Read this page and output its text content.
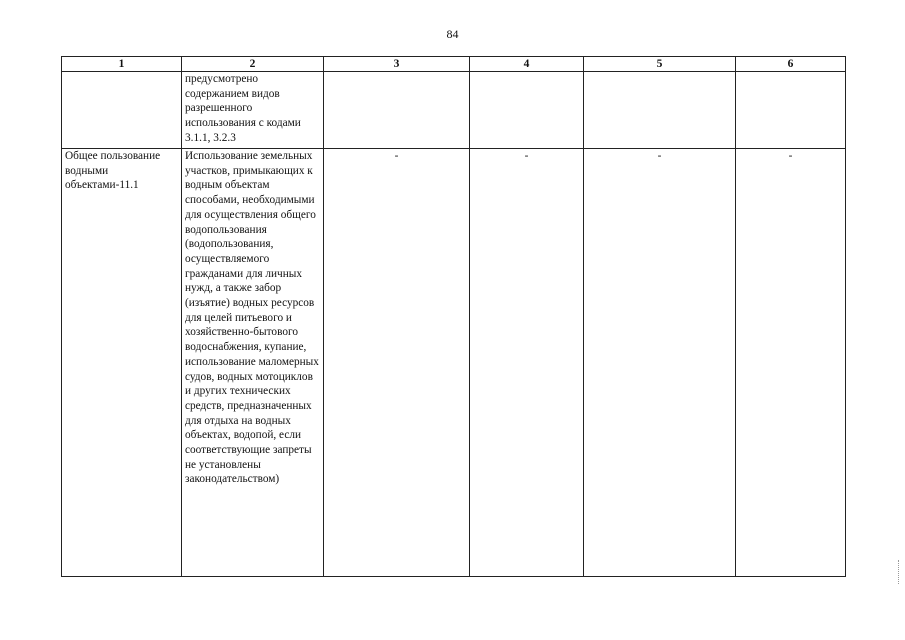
84
1	2	3	4	5	6

	предусмотрено содержанием видов разрешенного использования с кодами 3.1.1, 3.2.3				

Общее пользование водными объектами-11.1	Использование земельных участков, примыкающих к водным объектам способами, необходимыми для осуществления общего водопользования (водопользования, осуществляемого гражданами для личных нужд, а также забор (изъятие) водных ресурсов для целей питьевого и хозяйственно-бытового водоснабжения, купание, использование маломерных судов, водных мотоциклов и других технических средств, предназначенных для отдыха на водных объектах, водопой, если соответствующие запреты не установлены законодательством)	-	-	-	-
